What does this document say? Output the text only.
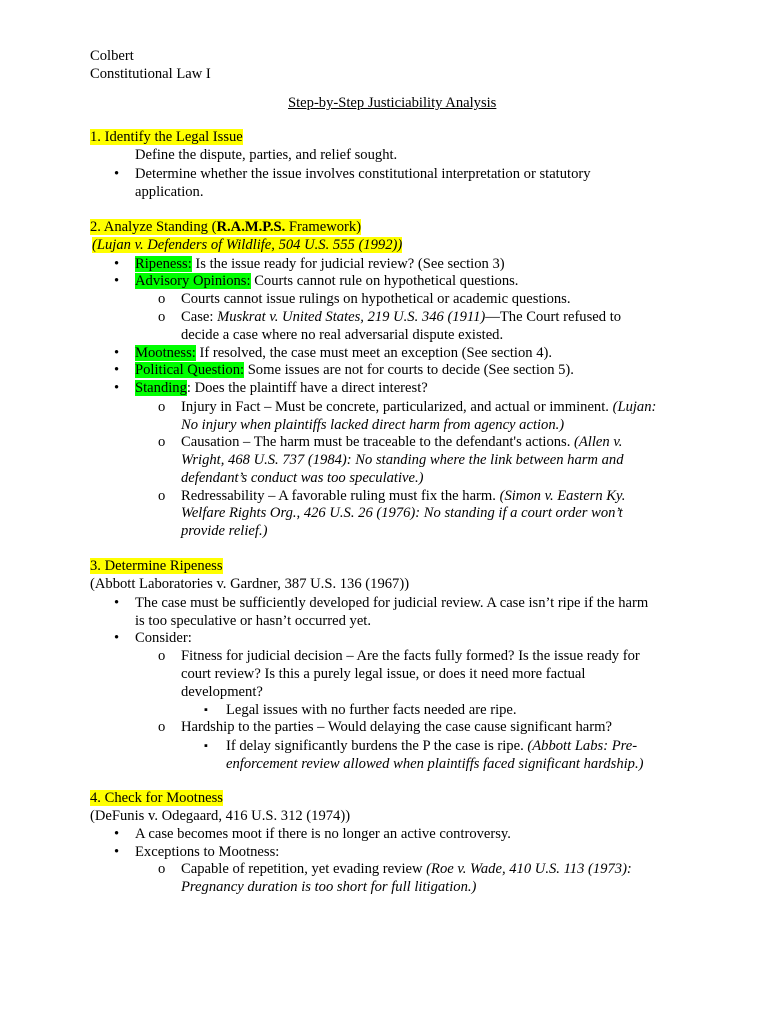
Colbert
Constitutional Law I
Step-by-Step Justiciability Analysis
1. Identify the Legal Issue
Define the dispute, parties, and relief sought.
• Determine whether the issue involves constitutional interpretation or statutory
application.
2. Analyze Standing (R.A.M.P.S. Framework)
(Lujan v. Defenders of Wildlife, 504 U.S. 555 (1992))
• Ripeness: Is the issue ready for judicial review? (See section 3)
• Advisory Opinions: Courts cannot rule on hypothetical questions.
o Courts cannot issue rulings on hypothetical or academic questions.
o Case: Muskrat v. United States, 219 U.S. 346 (1911)—The Court refused to
decide a case where no real adversarial dispute existed.
• Mootness: If resolved, the case must meet an exception (See section 4).
• Political Question: Some issues are not for courts to decide (See section 5).
• Standing: Does the plaintiff have a direct interest?
o Injury in Fact – Must be concrete, particularized, and actual or imminent. (Lujan:
No injury when plaintiffs lacked direct harm from agency action.)
o Causation – The harm must be traceable to the defendant's actions. (Allen v.
Wright, 468 U.S. 737 (1984): No standing where the link between harm and
defendant’s conduct was too speculative.)
o Redressability – A favorable ruling must fix the harm. (Simon v. Eastern Ky.
Welfare Rights Org., 426 U.S. 26 (1976): No standing if a court order won’t
provide relief.)
3. Determine Ripeness
(Abbott Laboratories v. Gardner, 387 U.S. 136 (1967))
• The case must be sufficiently developed for judicial review. A case isn’t ripe if the harm
is too speculative or hasn’t occurred yet.
• Consider:
o Fitness for judicial decision – Are the facts fully formed? Is the issue ready for
court review? Is this a purely legal issue, or does it need more factual
development?
▪ Legal issues with no further facts needed are ripe.
o Hardship to the parties – Would delaying the case cause significant harm?
▪ If delay significantly burdens the P the case is ripe. (Abbott Labs: Pre-
enforcement review allowed when plaintiffs faced significant hardship.)
4. Check for Mootness
(DeFunis v. Odegaard, 416 U.S. 312 (1974))
• A case becomes moot if there is no longer an active controversy.
• Exceptions to Mootness:
o Capable of repetition, yet evading review (Roe v. Wade, 410 U.S. 113 (1973):
Pregnancy duration is too short for full litigation.)
